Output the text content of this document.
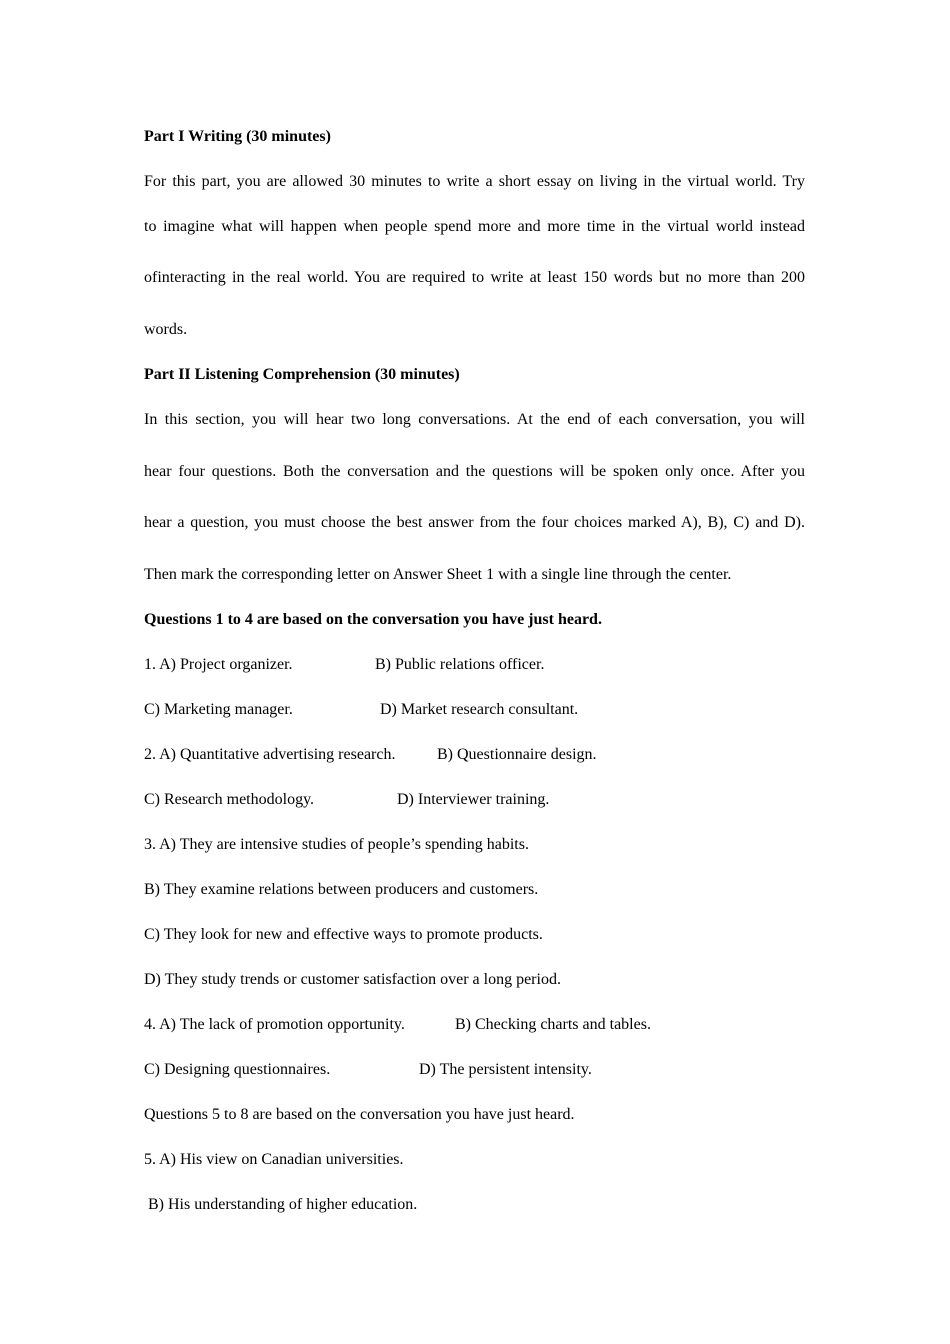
Part I Writing (30 minutes)
For this part, you are allowed 30 minutes to write a short essay on living in the virtual world. Try
to imagine what will happen when people spend more and more time in the virtual world instead
ofinteracting in the real world. You are required to write at least 150 words but no more than 200
words.
Part II Listening Comprehension (30 minutes)
In this section, you will hear two long conversations. At the end of each conversation, you will
hear four questions. Both the conversation and the questions will be spoken only once. After you
hear a question, you must choose the best answer from the four choices marked A), B), C) and D).
Then mark the corresponding letter on Answer Sheet 1 with a single line through the center.
Questions 1 to 4 are based on the conversation you have just heard.
1. A) Project organizer.	B) Public relations officer.
C) Marketing manager.	D) Market research consultant.
2. A) Quantitative advertising research.	B) Questionnaire design.
C) Research methodology.	D) Interviewer training.
3. A) They are intensive studies of people’s spending habits.
B) They examine relations between producers and customers.
C) They look for new and effective ways to promote products.
D) They study trends or customer satisfaction over a long period.
4. A) The lack of promotion opportunity.	B) Checking charts and tables.
C) Designing questionnaires.	D) The persistent intensity.
Questions 5 to 8 are based on the conversation you have just heard.
5. A) His view on Canadian universities.
B) His understanding of higher education.
